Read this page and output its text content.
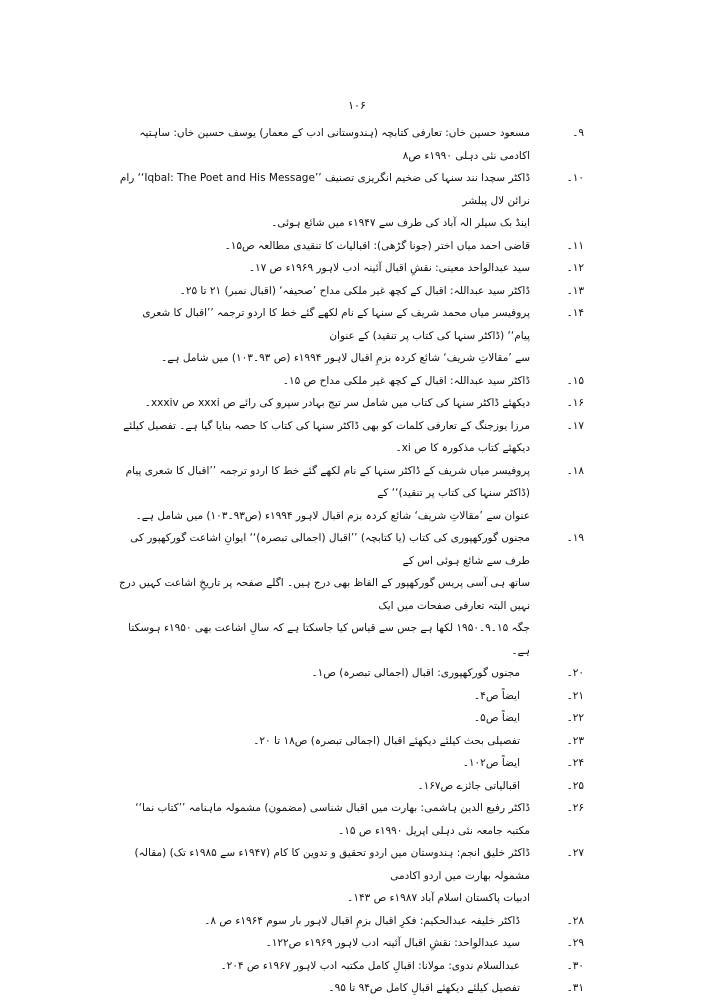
۱۰۶
۹۔
مسعود حسین خاں: تعارفی کتابچہ (ہندوستانی ادب کے معمار) یوسف حسین خاں: ساہتیہ اکادمی نئی دہلی ۱۹۹۰ء ص۸
۱۰۔
ڈاکٹر سچدا نند سنہا کی ضخیم انگریزی تصنیف ’’Iqbal: The Poet and His Message‘‘ رام نرائن لال پبلشر
اینڈ بک سیلر الہ آباد کی طرف سے ۱۹۴۷ء میں شائع ہوئی۔
۱۱۔
قاضی احمد میاں اختر (جونا گڑھی): اقبالیات کا تنقیدی مطالعہ ص۱۵۔
۱۲۔
سید عبدالواحد معینی: نقشِ اقبال آئینہ ادب لاہور ۱۹۶۹ء ص ۱۷۔
۱۳۔
ڈاکٹر سید عبداللہ: اقبال کے کچھ غیر ملکی مداح ’صحیفہ‘ (اقبال نمبر) ۲۱ تا ۲۵۔
۱۴۔
پروفیسر میاں محمد شریف کے سنہا کے نام لکھے گئے خط کا اردو ترجمہ ’’اقبال کا شعری پیام‘‘ (ڈاکٹر سنہا کی کتاب پر تنقید) کے عنوان
سے ’مقالاتِ شریف‘ شائع کردہ بزمِ اقبال لاہور ۱۹۹۴ء (ص ۹۳۔۱۰۳) میں شامل ہے۔
۱۵۔
ڈاکٹر سید عبداللہ: اقبال کے کچھ غیر ملکی مداح ص ۱۵۔
۱۶۔
دیکھئے ڈاکٹر سنہا کی کتاب میں شامل سر تیج بہادر سپرو کی رائے ص xxxi ص xxxiv۔
۱۷۔
مرزا یوزجنگ کے تعارفی کلمات کو بھی ڈاکٹر سنہا کی کتاب کا حصہ بنایا گیا ہے۔ تفصیل کیلئے دیکھئے کتاب مذکورہ کا ص xi۔
۱۸۔
پروفیسر میاں شریف کے ڈاکٹر سنہا کے نام لکھے گئے خط کا اردو ترجمہ ’’اقبال کا شعری پیام (ڈاکٹر سنہا کی کتاب پر تنقید)‘‘ کے
عنوان سے ’مقالاتِ شریف‘ شائع کردہ بزم اقبال لاہور ۱۹۹۴ء (ص۹۳۔۱۰۳) میں شامل ہے۔
۱۹۔
مجنوں گورکھپوری کی کتاب (یا کتابچہ) ’’اقبال (اجمالی تبصرہ)‘‘ ایوانِ اشاعت گورکھپور کی طرف سے شائع ہوئی اس کے
ساتھ ہی آسی پریس گورکھپور کے الفاظ بھی درج ہیں۔ اگلے صفحہ پر تاریخِ اشاعت کہیں درج نہیں البتہ تعارفی صفحات میں ایک
جگہ ۱۵۔۹۔۱۹۵۰ لکھا ہے جس سے قیاس کیا جاسکتا ہے کہ سالِ اشاعت بھی ۱۹۵۰ء ہوسکتا ہے۔
۲۰۔
مجنوں گورکھپوری: اقبال (اجمالی تبصرہ) ص۱۔
۲۱۔
ایضاً ص۴۔
۲۲۔
ایضاً ص۵۔
۲۳۔
تفصیلی بحث کیلئے دیکھئے اقبال (اجمالی تبصرہ) ص۱۸ تا ۲۰۔
۲۴۔
ایضاً ص۱۰۲۔
۲۵۔
اقبالیاتی جائزے ص۱۶۷۔
۲۶۔
ڈاکٹر رفیع الدین ہاشمی: بھارت میں اقبال شناسی (مضمون) مشمولہ ماہنامہ ’’کتاب نما‘‘ مکتبہ جامعہ نئی دہلی اپریل ۱۹۹۰ء ص ۱۵۔
۲۷۔
ڈاکٹر خلیق انجم: ہندوستان میں اردو تحقیق و تدوین کا کام (۱۹۴۷ء سے ۱۹۸۵ء تک) (مقالہ) مشمولہ بھارت میں اردو اکادمی
ادبیات پاکستان اسلام آباد ۱۹۸۷ء ص ۱۴۳۔
۲۸۔
ڈاکٹر خلیفہ عبدالحکیم: فکرِ اقبال بزمِ اقبال لاہور بار سوم ۱۹۶۴ء ص ۸۔
۲۹۔
سید عبدالواحد: نقشِ اقبال آئینہ ادب لاہور ۱۹۶۹ء ص۱۲۲۔
۳۰۔
عبدالسلام ندوی: مولانا: اقبالِ کامل مکتبہ ادب لاہور ۱۹۶۷ء ص ۲۰۴۔
۳۱۔
تفصیل کیلئے دیکھئے اقبالِ کامل ص۹۴ تا ۹۵۔
